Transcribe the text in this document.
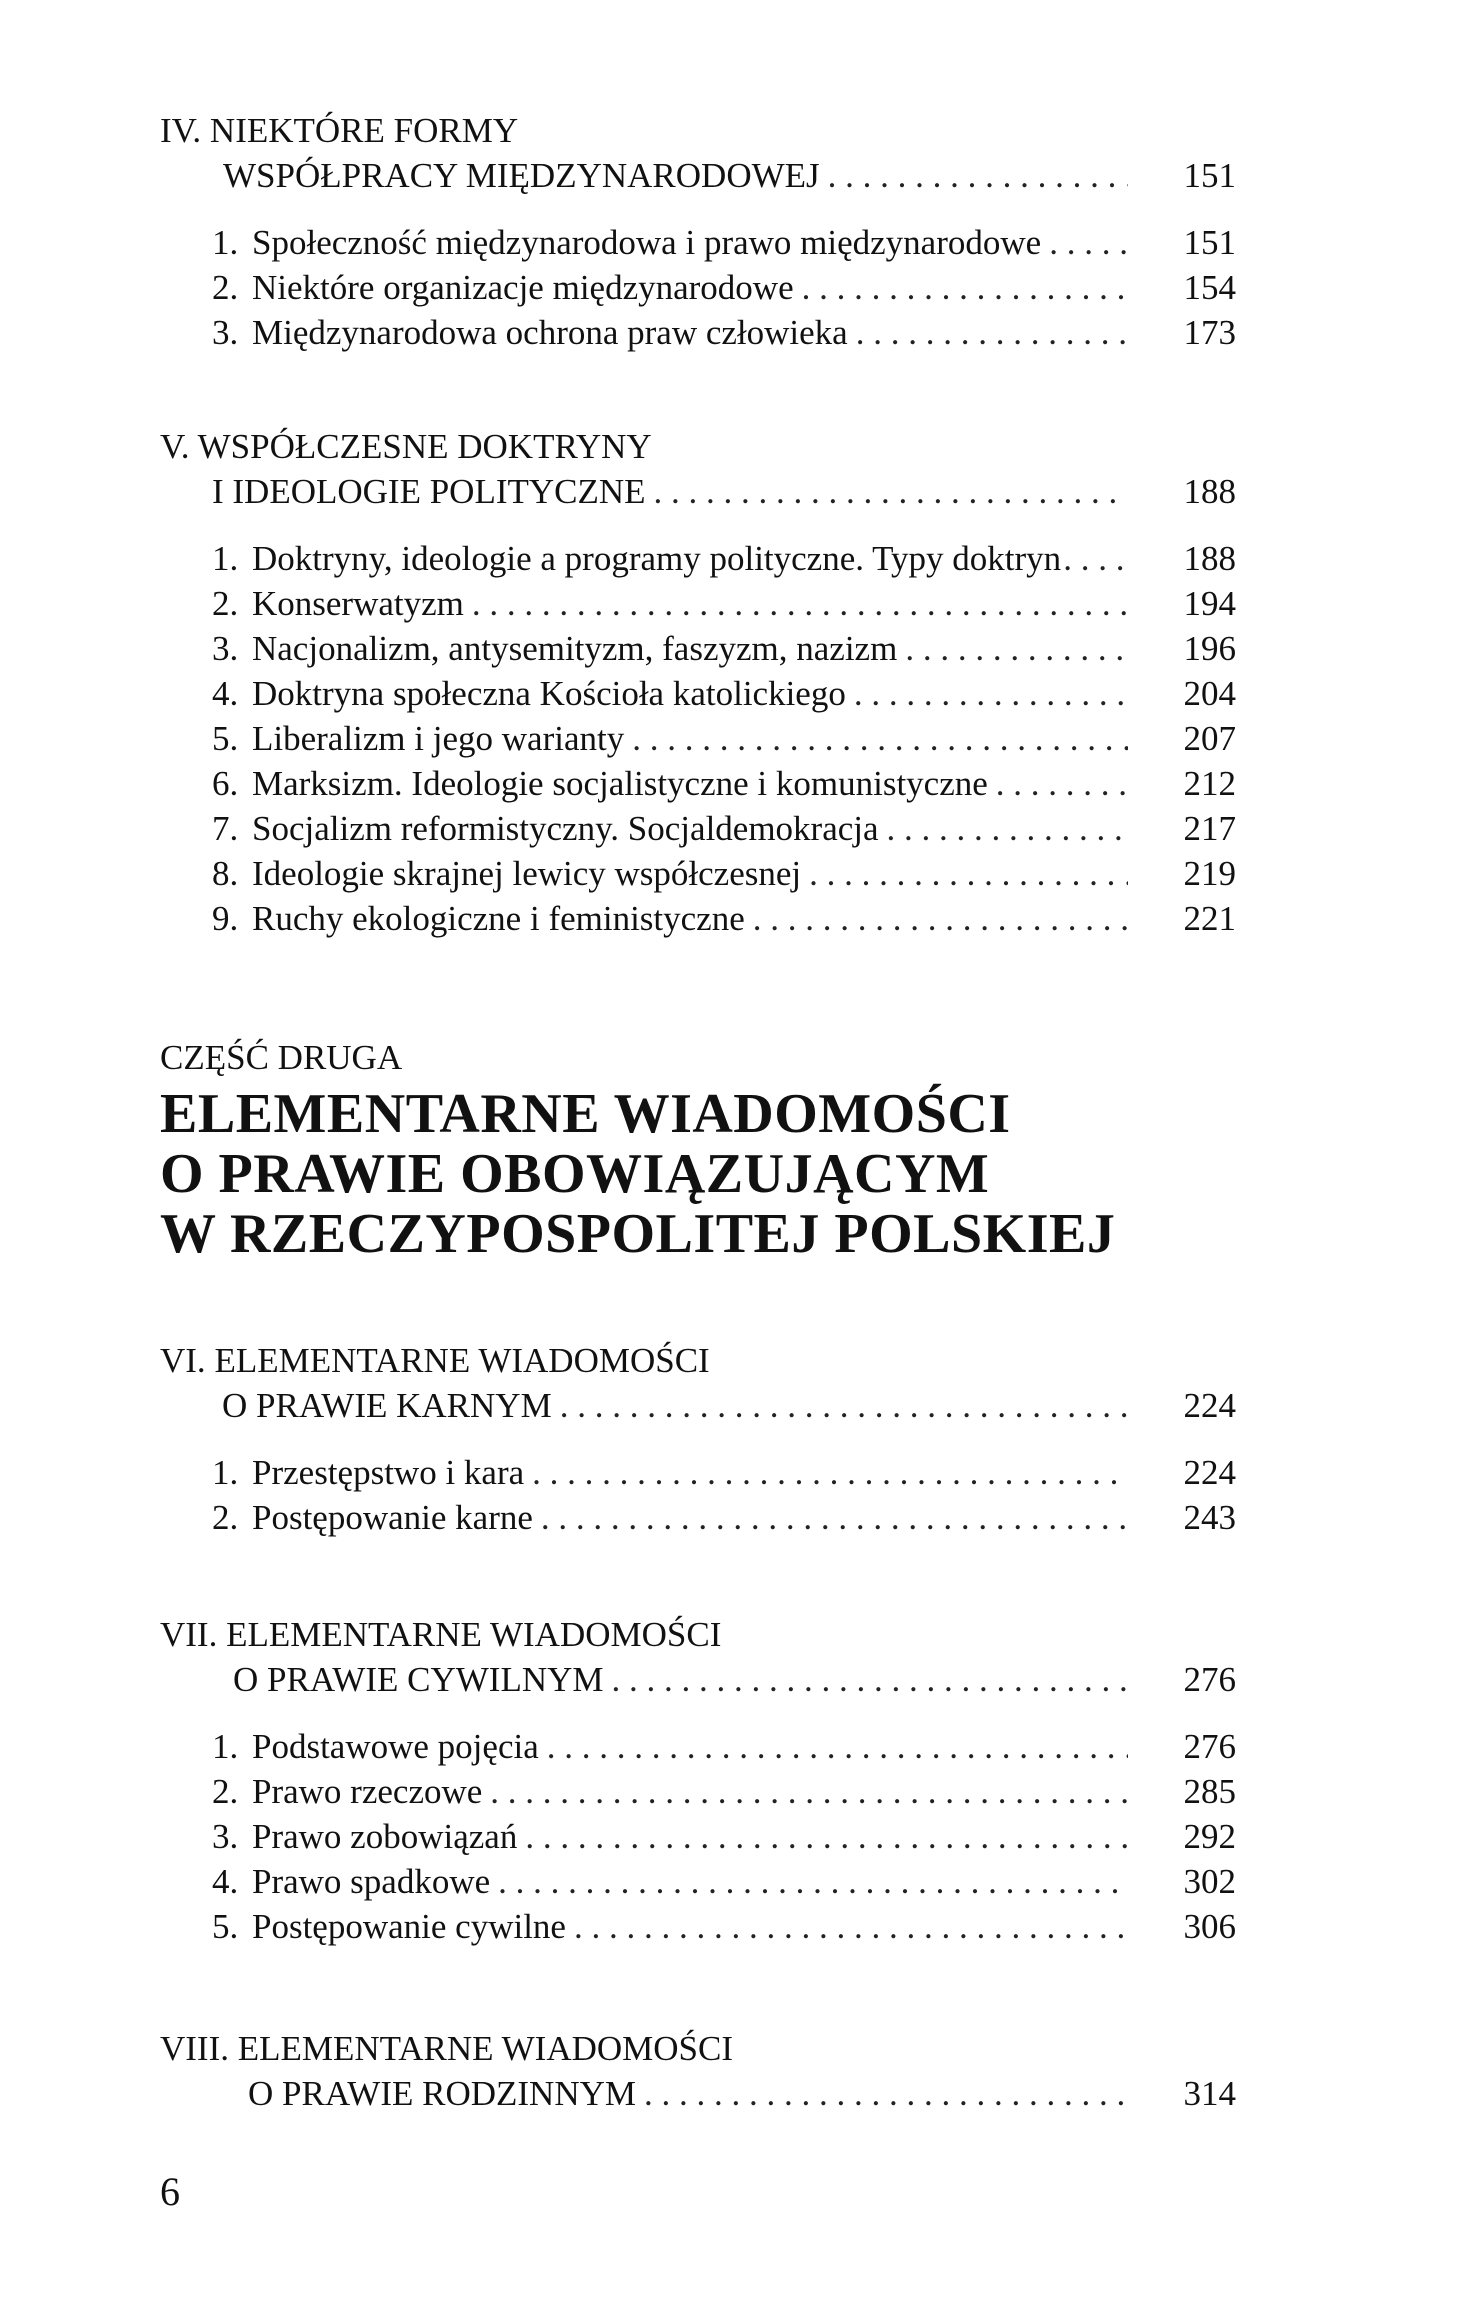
IV. NIEKTÓRE FORMY
WSPÓŁPRACY MIĘDZYNARODOWEJ . . .	151
1. Społeczność międzynarodowa i prawo międzynarodowe . . .	151
2. Niektóre organizacje międzynarodowe . . .	154
3. Międzynarodowa ochrona praw człowieka . . .	173
V. WSPÓŁCZESNE DOKTRYNY
I IDEOLOGIE POLITYCZNE . . .	188
1. Doktryny, ideologie a programy polityczne. Typy doktryn . . .	188
2. Konserwatyzm . . .	194
3. Nacjonalizm, antysemityzm, faszyzm, nazizm . . .	196
4. Doktryna społeczna Kościoła katolickiego . . .	204
5. Liberalizm i jego warianty . . .	207
6. Marksizm. Ideologie socjalistyczne i komunistyczne . . .	212
7. Socjalizm reformistyczny. Socjaldemokracja . . .	217
8. Ideologie skrajnej lewicy współczesnej . . .	219
9. Ruchy ekologiczne i feministyczne . . .	221
CZĘŚĆ DRUGA
ELEMENTARNE WIADOMOŚCI
O PRAWIE OBOWIĄZUJĄCYM
W RZECZYPOSPOLITEJ POLSKIEJ
VI. ELEMENTARNE WIADOMOŚCI
O PRAWIE KARNYM . . .	224
1. Przestępstwo i kara . . .	224
2. Postępowanie karne . . .	243
VII. ELEMENTARNE WIADOMOŚCI
O PRAWIE CYWILNYM . . .	276
1. Podstawowe pojęcia . . .	276
2. Prawo rzeczowe . . .	285
3. Prawo zobowiązań . . .	292
4. Prawo spadkowe . . .	302
5. Postępowanie cywilne . . .	306
VIII. ELEMENTARNE WIADOMOŚCI
O PRAWIE RODZINNYM . . .	314
6
